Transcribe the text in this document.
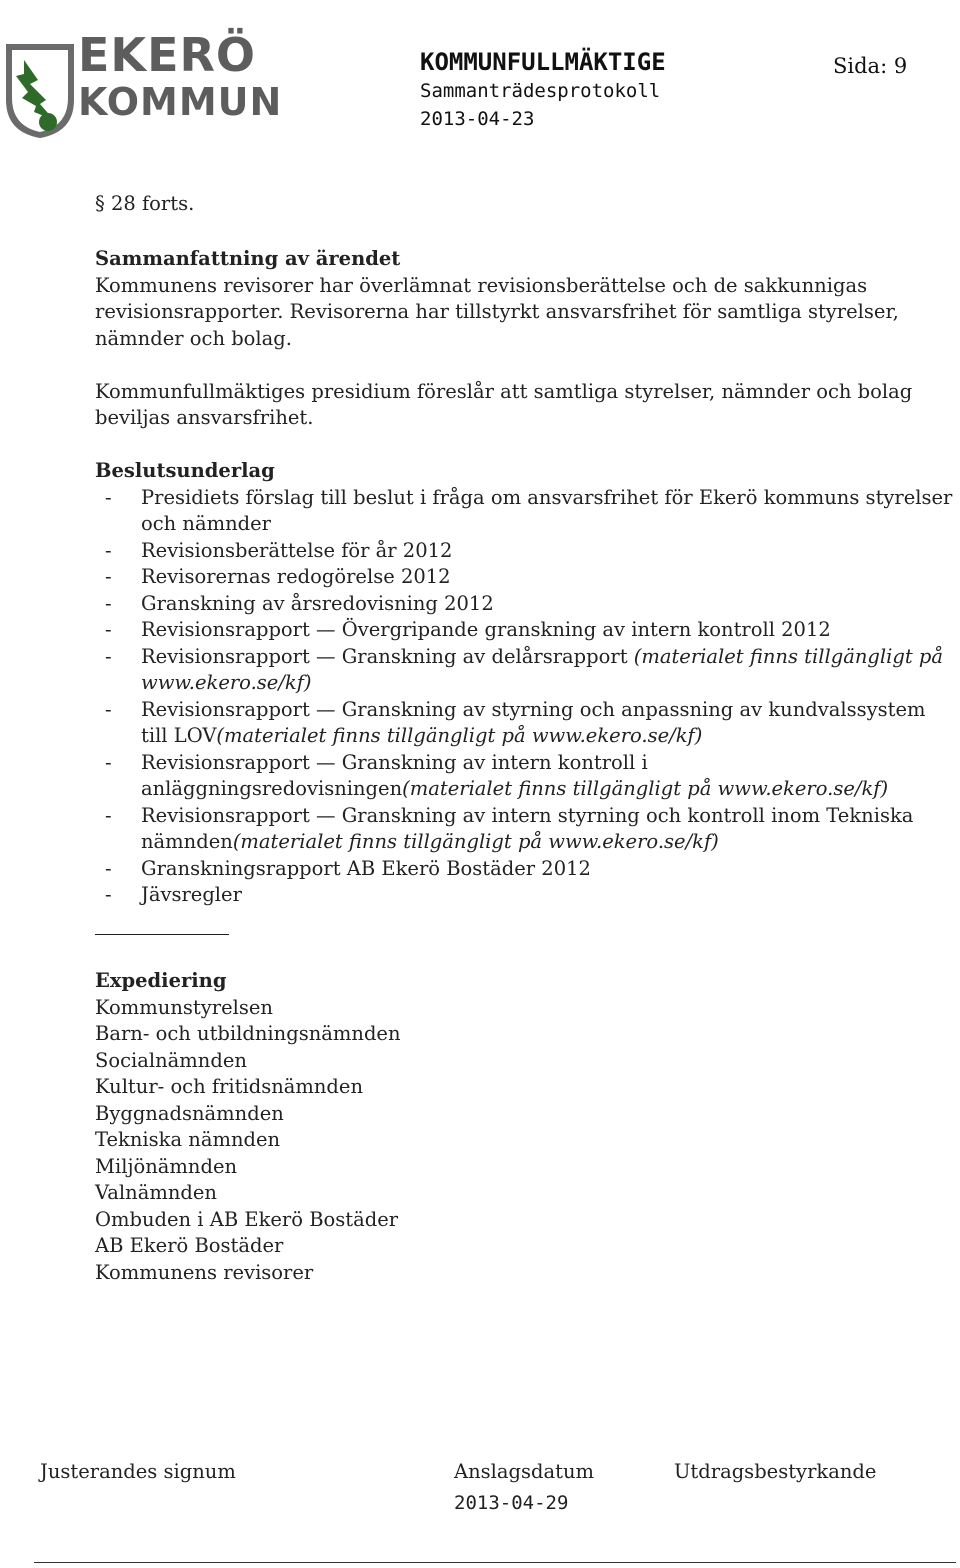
EKERÖ
KOMMUN
KOMMUNFULLMÄKTIGE
Sammanträdesprotokoll
2013-04-23
Sida: 9
§ 28 forts.
Sammanfattning av ärendet

Kommunens revisorer har överlämnat revisionsberättelse och de sakkunnigas revisionsrapporter. Revisorerna har tillstyrkt ansvarsfrihet för samtliga styrelser, nämnder och bolag.

Kommunfullmäktiges presidium föreslår att samtliga styrelser, nämnder och bolag beviljas ansvarsfrihet.

Beslutsunderlag
- Presidiets förslag till beslut i fråga om ansvarsfrihet för Ekerö kommuns styrelser och nämnder
- Revisionsberättelse för år 2012
- Revisorernas redogörelse 2012
- Granskning av årsredovisning 2012
- Revisionsrapport — Övergripande granskning av intern kontroll 2012
- Revisionsrapport — Granskning av delårsrapport (materialet finns tillgängligt på www.ekero.se/kf)
- Revisionsrapport — Granskning av styrning och anpassning av kundvalssystem till LOV(materialet finns tillgängligt på www.ekero.se/kf)
- Revisionsrapport — Granskning av intern kontroll i anläggningsredovisningen(materialet finns tillgängligt på www.ekero.se/kf)
- Revisionsrapport — Granskning av intern styrning och kontroll inom Tekniska nämnden(materialet finns tillgängligt på www.ekero.se/kf)
- Granskningsrapport AB Ekerö Bostäder 2012
- Jävsregler
Expediering
Kommunstyrelsen
Barn- och utbildningsnämnden
Socialnämnden
Kultur- och fritidsnämnden
Byggnadsnämnden
Tekniska nämnden
Miljönämnden
Valnämnden
Ombuden i AB Ekerö Bostäder
AB Ekerö Bostäder
Kommunens revisorer
Justerandes signum	Anslagsdatum
2013-04-29
Utdragsbestyrkande
